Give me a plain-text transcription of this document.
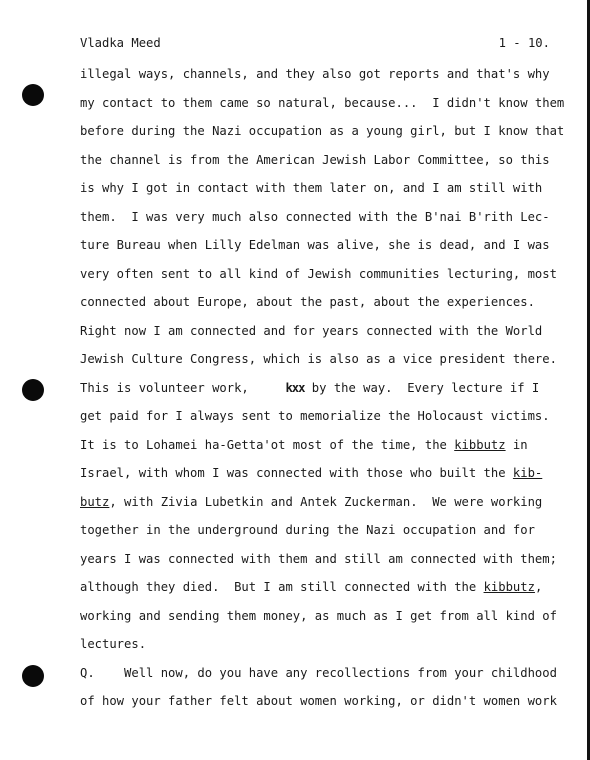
Vladka Meed	1 - 10.
illegal ways, channels, and they also got reports and that's why
my contact to them came so natural, because...  I didn't know them
before during the Nazi occupation as a young girl, but I know that
the channel is from the American Jewish Labor Committee, so this
is why I got in contact with them later on, and I am still with
them.  I was very much also connected with the B'nai B'rith Lec-
ture Bureau when Lilly Edelman was alive, she is dead, and I was
very often sent to all kind of Jewish communities lecturing, most
connected about Europe, about the past, about the experiences.
Right now I am connected and for years connected with the World
Jewish Culture Congress, which is also as a vice president there.
This is volunteer work,     kxx by the way.  Every lecture if I
get paid for I always sent to memorialize the Holocaust victims.
It is to Lohamei ha-Getta'ot most of the time, the kibbutz in
Israel, with whom I was connected with those who built the kib-
butz, with Zivia Lubetkin and Antek Zuckerman.  We were working
together in the underground during the Nazi occupation and for
years I was connected with them and still am connected with them;
although they died.  But I am still connected with the kibbutz,
working and sending them money, as much as I get from all kind of
lectures.
Q.    Well now, do you have any recollections from your childhood
of how your father felt about women working, or didn't women work
